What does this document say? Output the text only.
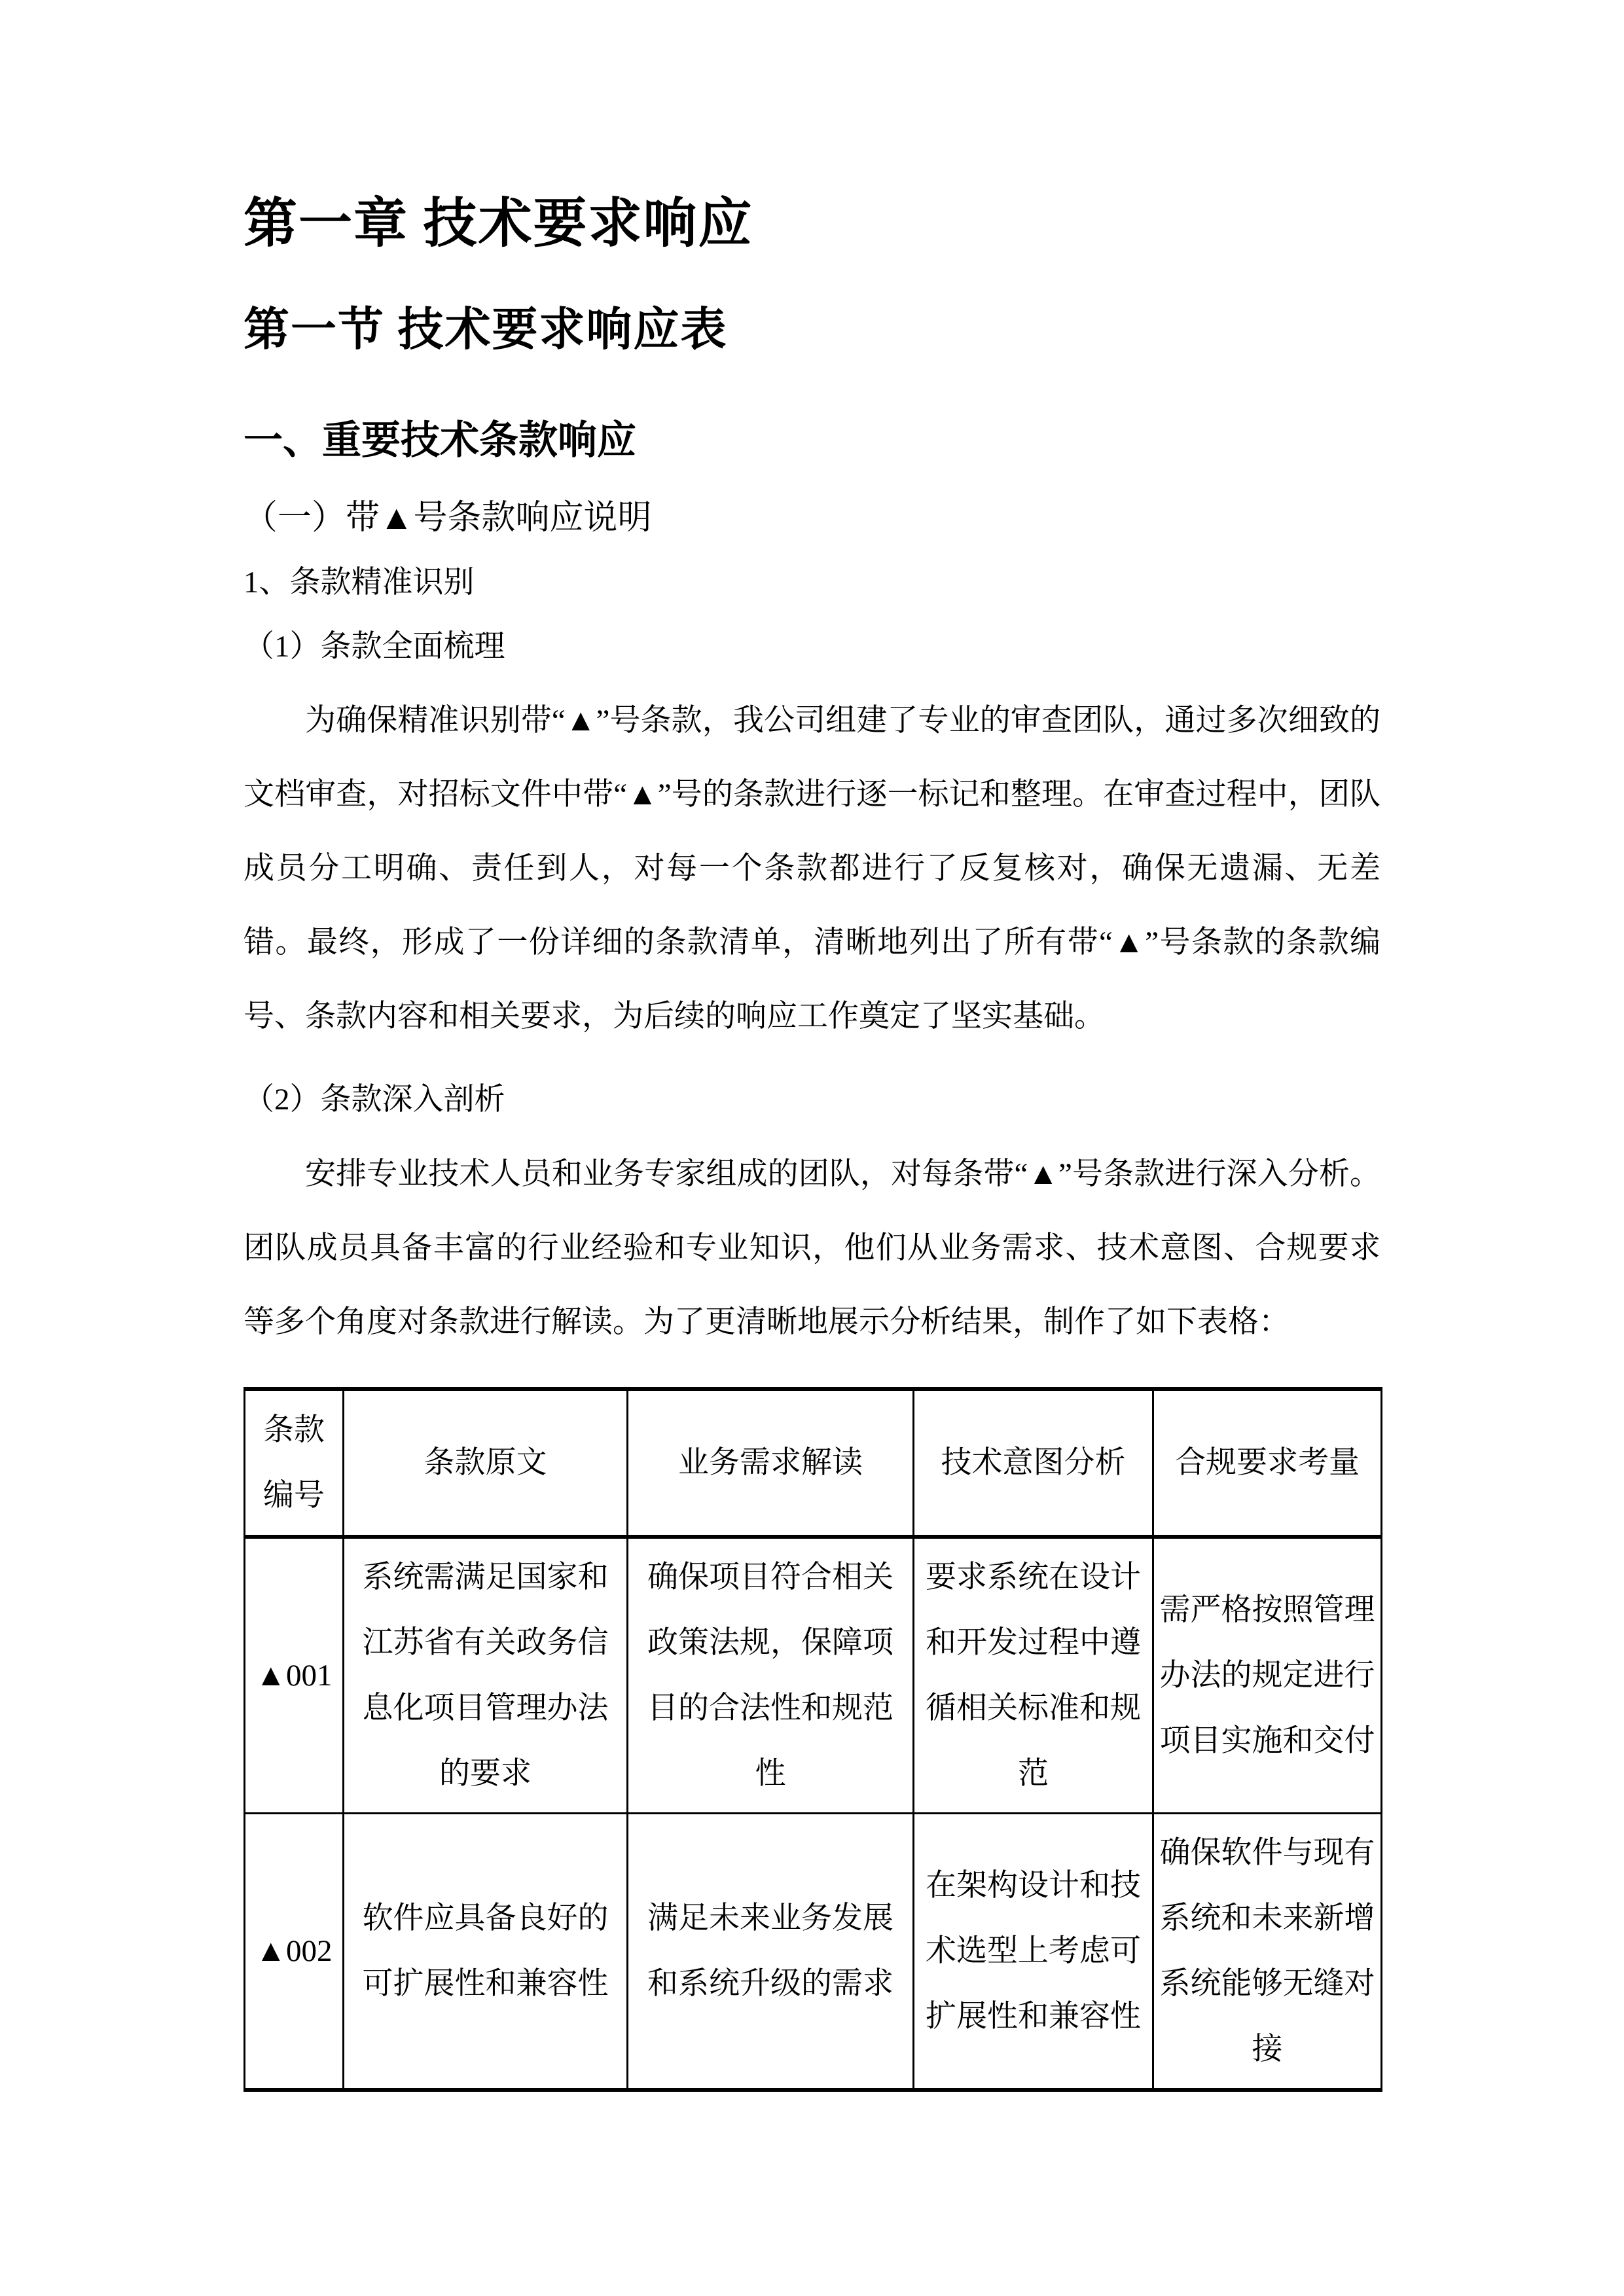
第一章 技术要求响应
第一节 技术要求响应表
一、重要技术条款响应
（一）带▲号条款响应说明
1、条款精准识别
（1）条款全面梳理

为确保精准识别带“▲”号条款，我公司组建了专业的审查团队，通过多次细致的文档审查，对招标文件中带“▲”号的条款进行逐一标记和整理。在审查过程中，团队成员分工明确、责任到人，对每一个条款都进行了反复核对，确保无遗漏、无差错。最终，形成了一份详细的条款清单，清晰地列出了所有带“▲”号条款的条款编号、条款内容和相关要求，为后续的响应工作奠定了坚实基础。

（2）条款深入剖析

安排专业技术人员和业务专家组成的团队，对每条带“▲”号条款进行深入分析。团队成员具备丰富的行业经验和专业知识，他们从业务需求、技术意图、合规要求等多个角度对条款进行解读。为了更清晰地展示分析结果，制作了如下表格：

条款编号	条款原文	业务需求解读	技术意图分析	合规要求考量
▲001	系统需满足国家和江苏省有关政务信息化项目管理办法的要求	确保项目符合相关政策法规，保障项目的合法性和规范性	要求系统在设计和开发过程中遵循相关标准和规范	需严格按照管理办法的规定进行项目实施和交付
▲002	软件应具备良好的可扩展性和兼容性	满足未来业务发展和系统升级的需求	在架构设计和技术选型上考虑可扩展性和兼容性	确保软件与现有系统和未来新增系统能够无缝对接
